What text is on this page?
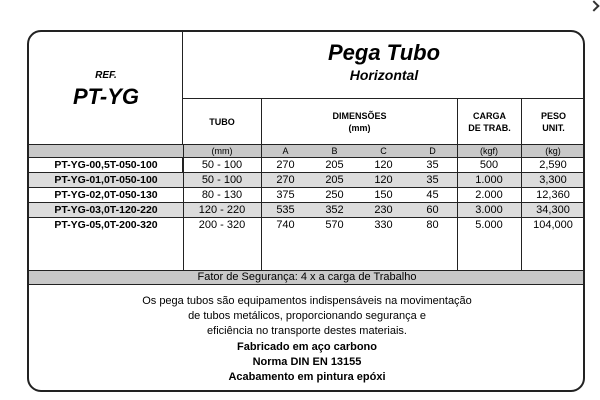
REF.
PT-YG
Pega Tubo
Horizontal
TUBO
DIMENSÕES
(mm)
CARGA
DE TRAB.
PESO
UNIT.
(mm)	A	B	C	D	(kgf)	(kg)
PT-YG-00,5T-050-100	50 - 100	270	205	120	35	500	2,590
PT-YG-01,0T-050-100	50 - 100	270	205	120	35	1.000	3,300
PT-YG-02,0T-050-130	80 - 130	375	250	150	45	2.000	12,360
PT-YG-03,0T-120-220	120 - 220	535	352	230	60	3.000	34,300
PT-YG-05,0T-200-320	200 - 320	740	570	330	80	5.000	104,000
Fator de Segurança: 4 x a carga de Trabalho
Os pega tubos são equipamentos indispensáveis na movimentação
de tubos metálicos, proporcionando segurança e
eficiência no transporte destes materiais.
Fabricado em aço carbono
Norma DIN EN 13155
Acabamento em pintura epóxi
